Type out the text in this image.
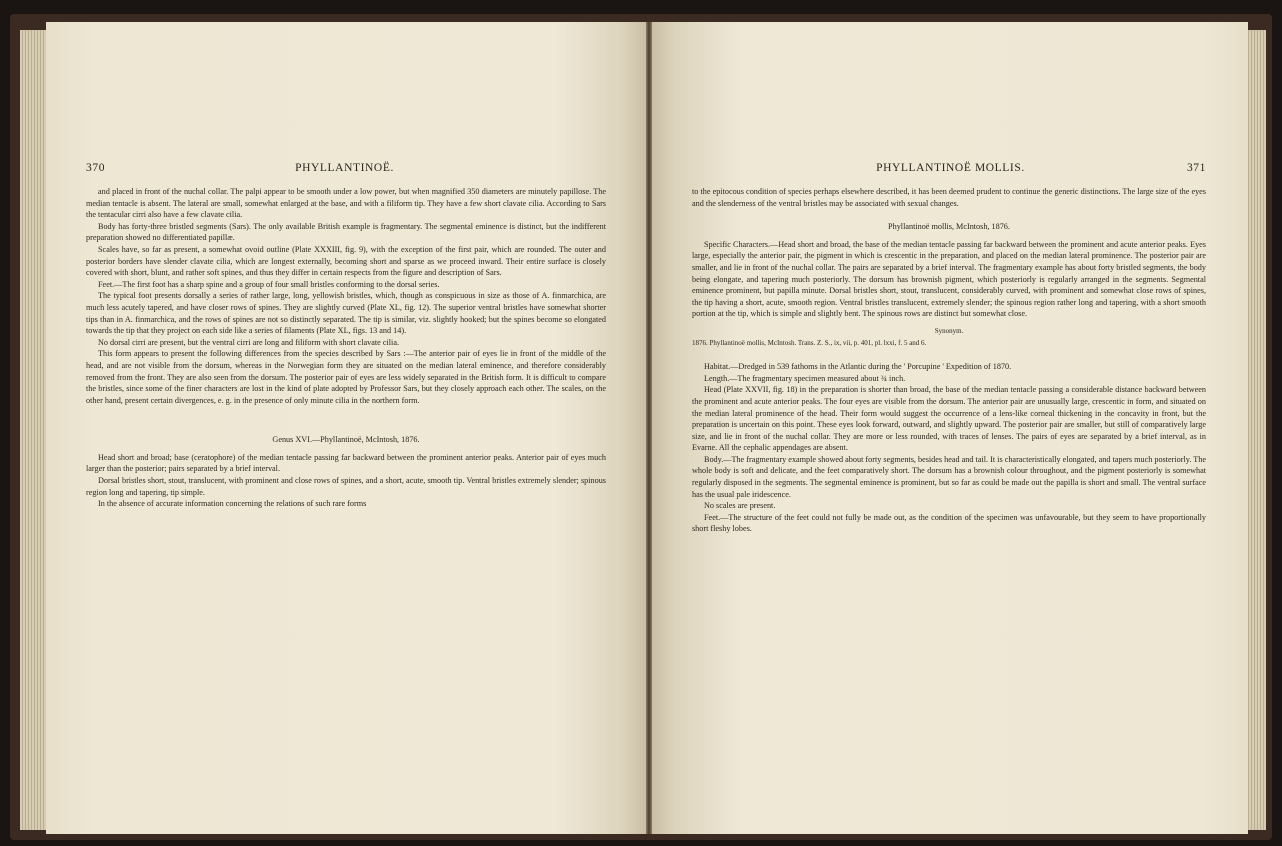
370	PHYLLANTINOË.

and placed in front of the nuchal collar. The palpi appear to be smooth under a low power, but when magnified 350 diameters are minutely papillose. The median tentacle is absent. The lateral are small, somewhat enlarged at the base, and with a filiform tip. They have a few short clavate cilia. According to Sars the tentacular cirri also have a few clavate cilia.

Body has forty-three bristled segments (Sars). The only available British example is fragmentary. The segmental eminence is distinct, but the indifferent preparation showed no differentiated papillæ.

Scales have, so far as present, a somewhat ovoid outline (Plate XXXIII, fig. 9), with the exception of the first pair, which are rounded. The outer and posterior borders have slender clavate cilia, which are longest externally, becoming short and sparse as we proceed inward. Their entire surface is closely covered with short, blunt, and rather soft spines, and thus they differ in certain respects from the figure and description of Sars.

Feet.—The first foot has a sharp spine and a group of four small bristles conforming to the dorsal series.

The typical foot presents dorsally a series of rather large, long, yellowish bristles, which, though as conspicuous in size as those of A. finmarchica, are much less acutely tapered, and have closer rows of spines. They are slightly curved (Plate XL, fig. 12). The superior ventral bristles have somewhat shorter tips than in A. finmarchica, and the rows of spines are not so distinctly separated. The tip is similar, viz. slightly hooked; but the spines become so elongated towards the tip that they project on each side like a series of filaments (Plate XL, figs. 13 and 14).

No dorsal cirri are present, but the ventral cirri are long and filiform with short clavate cilia.

This form appears to present the following differences from the species described by Sars :—The anterior pair of eyes lie in front of the middle of the head, and are not visible from the dorsum, whereas in the Norwegian form they are situated on the median lateral eminence, and therefore considerably removed from the front. They are also seen from the dorsum. The posterior pair of eyes are less widely separated in the British form. It is difficult to compare the bristles, since some of the finer characters are lost in the kind of plate adopted by Professor Sars, but they closely approach each other. The scales, on the other hand, present certain divergences, e. g. in the presence of only minute cilia in the northern form.

Genus XVI.—Phyllantinoë, McIntosh, 1876.

Head short and broad; base (ceratophore) of the median tentacle passing far backward between the prominent anterior peaks. Anterior pair of eyes much larger than the posterior; pairs separated by a brief interval.

Dorsal bristles short, stout, translucent, with prominent and close rows of spines, and a short, acute, smooth tip. Ventral bristles extremely slender; spinous region long and tapering, tip simple.

In the absence of accurate information concerning the relations of such rare forms

PHYLLANTINOË MOLLIS.	371

to the epitocous condition of species perhaps elsewhere described, it has been deemed prudent to continue the generic distinctions. The large size of the eyes and the slenderness of the ventral bristles may be associated with sexual changes.

Phyllantinoë mollis, McIntosh, 1876.

Specific Characters.—Head short and broad, the base of the median tentacle passing far backward between the prominent and acute anterior peaks. Eyes large, especially the anterior pair, the pigment in which is crescentic in the preparation, and placed on the median lateral prominence. The posterior pair are smaller, and lie in front of the nuchal collar. The pairs are separated by a brief interval. The fragmentary example has about forty bristled segments, the body being elongate, and tapering much posteriorly. The dorsum has brownish pigment, which posteriorly is regularly arranged in the segments. Segmental eminence prominent, but papilla minute. Dorsal bristles short, stout, translucent, considerably curved, with prominent and somewhat close rows of spines, the tip having a short, acute, smooth region. Ventral bristles translucent, extremely slender; the spinous region rather long and tapering, with a short smooth portion at the tip, which is simple and slightly bent. The spinous rows are distinct but somewhat close.

Synonym.

1876. Phyllantinoë mollis, McIntosh. Trans. Z. S., ix, vii, p. 401, pl. lxxi, f. 5 and 6.

Habitat.—Dredged in 539 fathoms in the Atlantic during the ' Porcupine ' Expedition of 1870.

Length.—The fragmentary specimen measured about ¾ inch.

Head (Plate XXVII, fig. 18) in the preparation is shorter than broad, the base of the median tentacle passing a considerable distance backward between the prominent and acute anterior peaks. The four eyes are visible from the dorsum. The anterior pair are unusually large, crescentic in form, and situated on the median lateral prominence of the head. Their form would suggest the occurrence of a lens-like corneal thickening in the concavity in front, but the preparation is uncertain on this point. These eyes look forward, outward, and slightly upward. The posterior pair are smaller, but still of comparatively large size, and lie in front of the nuchal collar. They are more or less rounded, with traces of lenses. The pairs of eyes are separated by a brief interval, as in Evarne. All the cephalic appendages are absent.

Body.—The fragmentary example showed about forty segments, besides head and tail. It is characteristically elongated, and tapers much posteriorly. The whole body is soft and delicate, and the feet comparatively short. The dorsum has a brownish colour throughout, and the pigment posteriorly is somewhat regularly disposed in the segments. The segmental eminence is prominent, but so far as could be made out the papilla is short and small. The ventral surface has the usual pale iridescence.

No scales are present.

Feet.—The structure of the feet could not fully be made out, as the condition of the specimen was unfavourable, but they seem to have proportionally short fleshy lobes.
